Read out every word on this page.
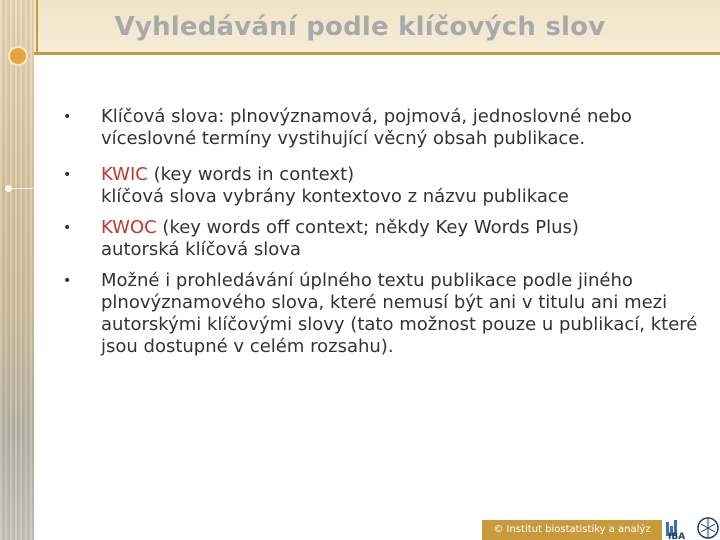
Vyhledávání podle klíčových slov
• Klíčová slova: plnovýznamová, pojmová, jednoslovné nebo víceslovné termíny vystihující věcný obsah publikace.
• KWIC (key words in context)
klíčová slova vybrány kontextovo z názvu publikace
• KWOC (key words off context; někdy Key Words Plus)
autorská klíčová slova
• Možné i prohledávání úplného textu publikace podle jiného plnovýznamového slova, které nemusí být ani v titulu ani mezi autorskými klíčovými slovy (tato možnost pouze u publikací, které jsou dostupné v celém rozsahu).
© Institut biostatistiky a analýz
IBA
